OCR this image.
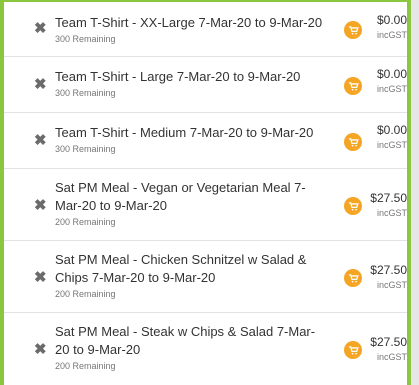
✖ Team T-Shirt - XX-Large 7-Mar-20 to 9-Mar-20
300 Remaining
$0.00
incGST
✖ Team T-Shirt - Large 7-Mar-20 to 9-Mar-20
300 Remaining
$0.00
incGST
✖ Team T-Shirt - Medium 7-Mar-20 to 9-Mar-20
300 Remaining
$0.00
incGST
✖
Sat PM Meal - Vegan or Vegetarian Meal 7-Mar-20 to 9-Mar-20
200 Remaining
$27.50
incGST
✖
Sat PM Meal - Chicken Schnitzel w Salad & Chips 7-Mar-20 to 9-Mar-20
200 Remaining
$27.50
incGST
✖
Sat PM Meal - Steak w Chips & Salad 7-Mar-20 to 9-Mar-20
200 Remaining
$27.50
incGST
